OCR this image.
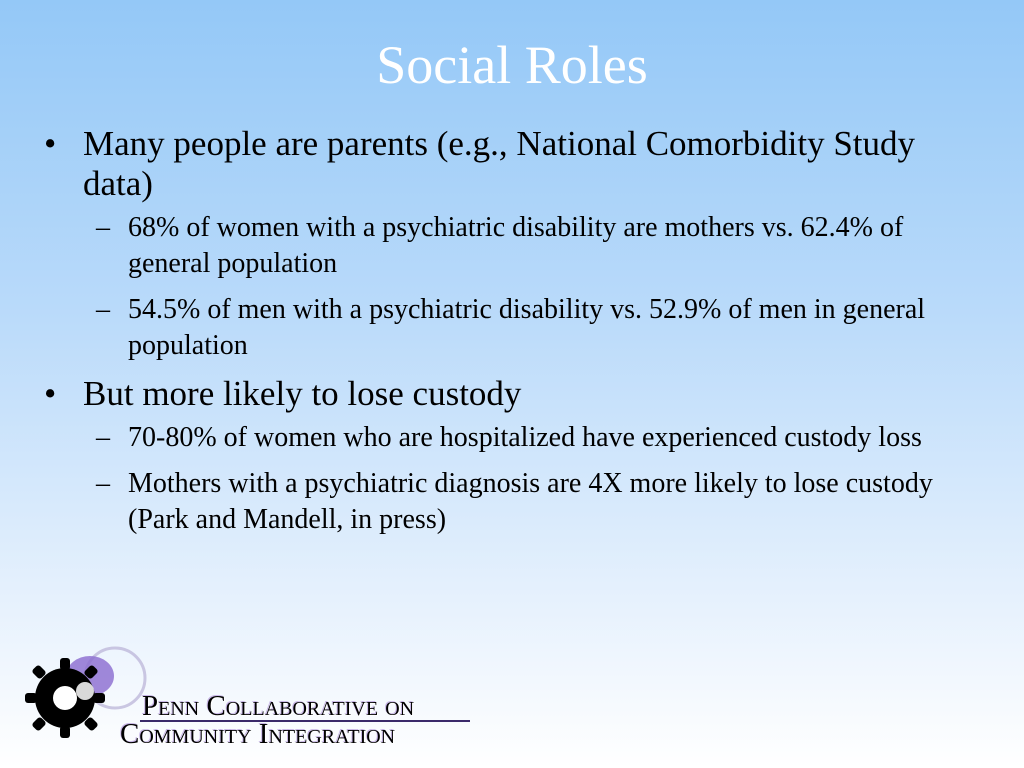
Social Roles
• Many people are parents (e.g., National Comorbidity Study data)
– 68% of women with a psychiatric disability are mothers vs. 62.4% of general population
– 54.5% of men with a psychiatric disability vs. 52.9% of men in general population
• But more likely to lose custody
– 70-80% of women who are hospitalized have experienced custody loss
– Mothers with a psychiatric diagnosis are 4X more likely to lose custody (Park and Mandell, in press)
Penn Collaborative on
Community Integration
